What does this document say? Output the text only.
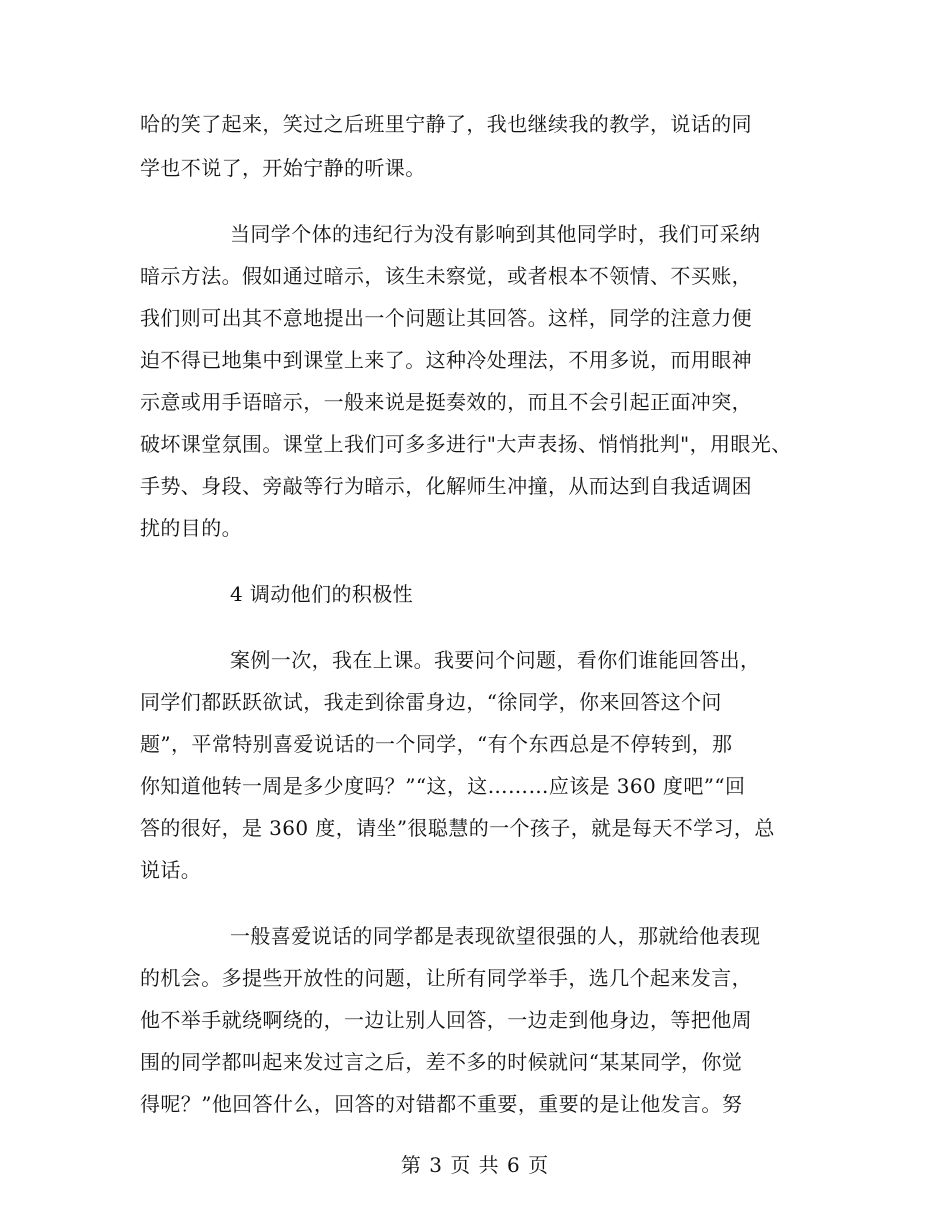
哈的笑了起来，笑过之后班里宁静了，我也继续我的教学，说话的同
学也不说了，开始宁静的听课。
当同学个体的违纪行为没有影响到其他同学时，我们可采纳
暗示方法。假如通过暗示，该生未察觉，或者根本不领情、不买账，
我们则可出其不意地提出一个问题让其回答。这样，同学的注意力便
迫不得已地集中到课堂上来了。这种冷处理法，不用多说，而用眼神
示意或用手语暗示，一般来说是挺奏效的，而且不会引起正面冲突，
破坏课堂氛围。课堂上我们可多多进行"大声表扬、悄悄批判"，用眼光、
手势、身段、旁敲等行为暗示，化解师生冲撞，从而达到自我适调困
扰的目的。
4 调动他们的积极性
案例一次，我在上课。我要问个问题，看你们谁能回答出，
同学们都跃跃欲试，我走到徐雷身边，“徐同学，你来回答这个问
题”，平常特别喜爱说话的一个同学，“有个东西总是不停转到，那
你知道他转一周是多少度吗？”“这，这………应该是 360 度吧”“回
答的很好，是 360 度，请坐”很聪慧的一个孩子，就是每天不学习，总
说话。
一般喜爱说话的同学都是表现欲望很强的人，那就给他表现
的机会。多提些开放性的问题，让所有同学举手，选几个起来发言，
他不举手就绕啊绕的，一边让别人回答，一边走到他身边，等把他周
围的同学都叫起来发过言之后，差不多的时候就问“某某同学，你觉
得呢？”他回答什么，回答的对错都不重要，重要的是让他发言。努
第 3 页 共 6 页
